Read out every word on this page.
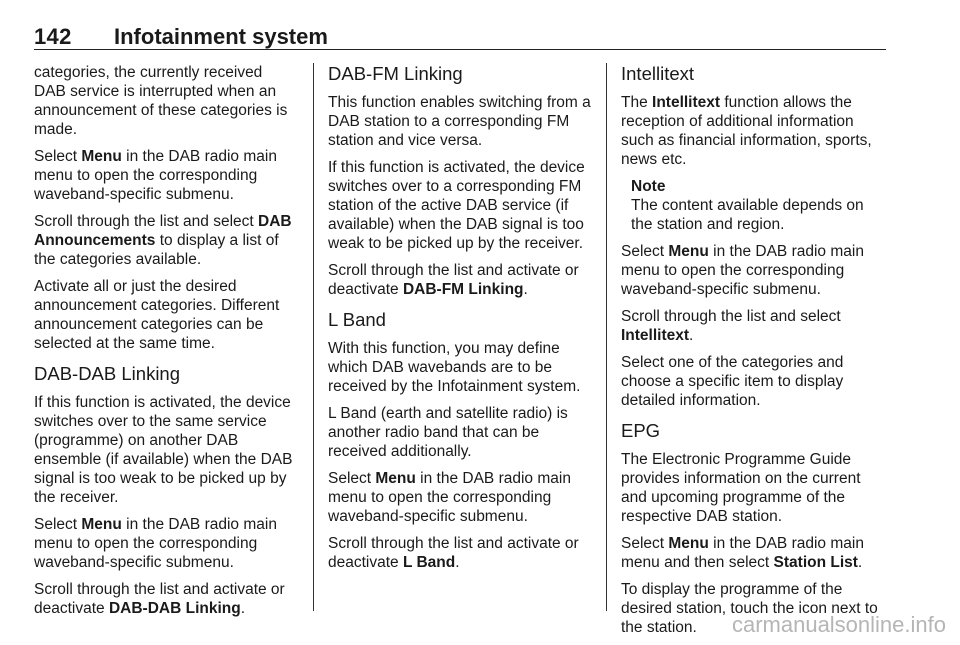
142 Infotainment system

categories, the currently received DAB service is interrupted when an announcement of these categories is made.

Select Menu in the DAB radio main menu to open the corresponding waveband-specific submenu.

Scroll through the list and select DAB Announcements to display a list of the categories available.

Activate all or just the desired announcement categories. Different announcement categories can be selected at the same time.

DAB-DAB Linking

If this function is activated, the device switches over to the same service (programme) on another DAB ensemble (if available) when the DAB signal is too weak to be picked up by the receiver.

Select Menu in the DAB radio main menu to open the corresponding waveband-specific submenu.

Scroll through the list and activate or deactivate DAB-DAB Linking.

DAB-FM Linking

This function enables switching from a DAB station to a corresponding FM station and vice versa.

If this function is activated, the device switches over to a corresponding FM station of the active DAB service (if available) when the DAB signal is too weak to be picked up by the receiver.

Scroll through the list and activate or deactivate DAB-FM Linking.

L Band

With this function, you may define which DAB wavebands are to be received by the Infotainment system.

L Band (earth and satellite radio) is another radio band that can be received additionally.

Select Menu in the DAB radio main menu to open the corresponding waveband-specific submenu.

Scroll through the list and activate or deactivate L Band.

Intellitext

The Intellitext function allows the reception of additional information such as financial information, sports, news etc.

Note
The content available depends on the station and region.

Select Menu in the DAB radio main menu to open the corresponding waveband-specific submenu.

Scroll through the list and select Intellitext.

Select one of the categories and choose a specific item to display detailed information.

EPG

The Electronic Programme Guide provides information on the current and upcoming programme of the respective DAB station.

Select Menu in the DAB radio main menu and then select Station List.

To display the programme of the desired station, touch the icon next to the station.	carmanualsonline.info
